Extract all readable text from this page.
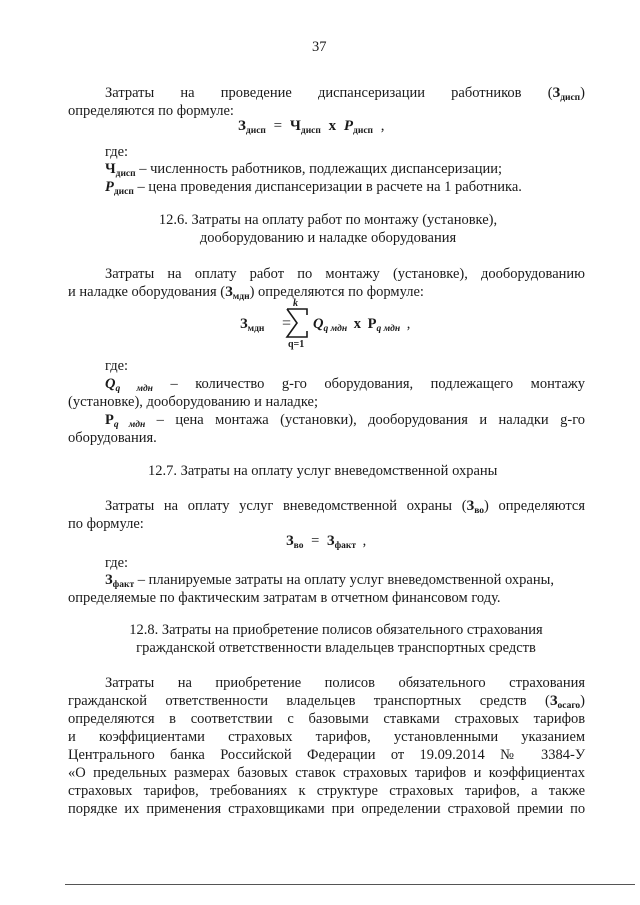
37
Затраты на проведение диспансеризации работников $(З_{дисп})$
определяются по формуле:
$З_{дисп} = Ч_{дисп}$ x $P_{дисп}$ ,
где:
$Ч_{дисп}$ – численность работников, подлежащих диспансеризации;
$P_{дисп}$ – цена проведения диспансеризации в расчете на 1 работника.
12.6. Затраты на оплату работ по монтажу (установке),
дооборудованию и наладке оборудования
Затраты на оплату работ по монтажу (установке), дооборудованию
и наладке оборудования $(З_{мдн})$ определяются по формуле:
$З_{мдн}$ =
k
q=1
$Q_{q мдн}$ x $P_{q мдн}$ ,
где:
$Q_{q мдн}$ – количество g-го оборудования, подлежащего монтажу
(установке), дооборудованию и наладке;
$P_{q мдн}$ – цена монтажа (установки), дооборудования и наладки g-го
оборудования.
12.7. Затраты на оплату услуг вневедомственной охраны
Затраты на оплату услуг вневедомственной охраны $(З_{во})$ определяются
по формуле:
$З_{во} = З_{факт}$ ,
где:
$З_{факт}$ – планируемые затраты на оплату услуг вневедомственной охраны,
определяемые по фактическим затратам в отчетном финансовом году.
12.8. Затраты на приобретение полисов обязательного страхования
гражданской ответственности владельцев транспортных средств
Затраты на приобретение полисов обязательного страхования
гражданской ответственности владельцев транспортных средств $(З_{осаго})$
определяются в соответствии с базовыми ставками страховых тарифов
и коэффициентами страховых тарифов, установленными указанием
Центрального банка Российской Федерации от 19.09.2014 № 3384-У
«О предельных размерах базовых ставок страховых тарифов и коэффициентах
страховых тарифов, требованиях к структуре страховых тарифов, а также
порядке их применения страховщиками при определении страховой премии по
